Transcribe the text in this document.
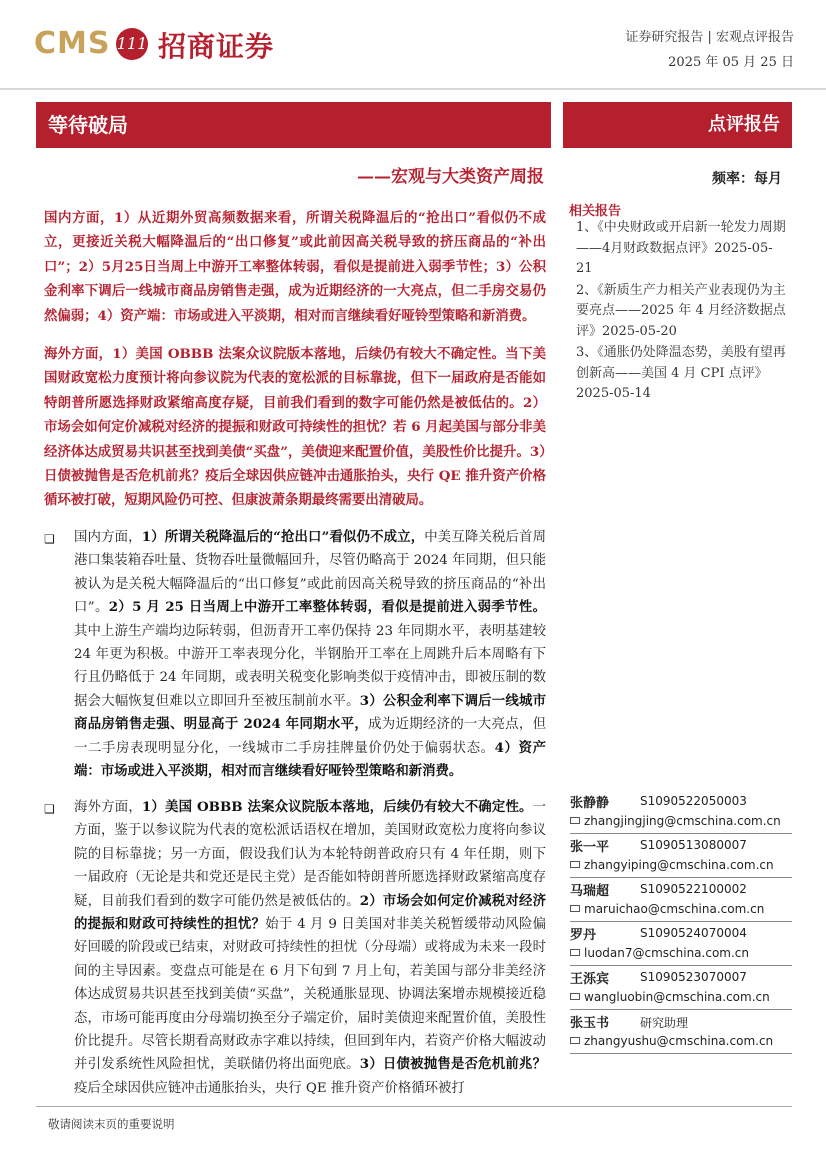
CMS 111 招商证券	证券研究报告 | 宏观点评报告
2025 年 05 月 25 日
等待破局	点评报告
——宏观与大类资产周报	频率：每月
国内方面，1）从近期外贸高频数据来看，所谓关税降温后的“抢出口”看似仍不成立，更接近关税大幅降温后的“出口修复”或此前因高关税导致的挤压商品的“补出口”；2）5月25日当周上中游开工率整体转弱，看似是提前进入弱季节性；3）公积金利率下调后一线城市商品房销售走强，成为近期经济的一大亮点，但二手房交易仍然偏弱；4）资产端：市场或进入平淡期，相对而言继续看好哑铃型策略和新消费。
海外方面，1）美国 OBBB 法案众议院版本落地，后续仍有较大不确定性。当下美国财政宽松力度预计将向参议院为代表的宽松派的目标靠拢，但下一届政府是否能如特朗普所愿选择财政紧缩高度存疑，目前我们看到的数字可能仍然是被低估的。2）市场会如何定价减税对经济的提振和财政可持续性的担忧？若 6 月起美国与部分非美经济体达成贸易共识甚至找到美债“买盘”，美债迎来配置价值，美股性价比提升。3）日债被抛售是否危机前兆？疫后全球因供应链冲击通胀抬头，央行 QE 推升资产价格循环被打破，短期风险仍可控、但康波萧条期最终需要出清破局。
相关报告
1、《中央财政或开启新一轮发力周期——4月财政数据点评》2025-05-21
2、《新质生产力相关产业表现仍为主要亮点——2025 年 4 月经济数据点评》2025-05-20
3、《通胀仍处降温态势，美股有望再创新高——美国 4 月 CPI 点评》2025-05-14
❑ 国内方面，1）所谓关税降温后的“抢出口”看似仍不成立，中美互降关税后首周港口集装箱吞吐量、货物吞吐量微幅回升，尽管仍略高于 2024 年同期，但只能被认为是关税大幅降温后的“出口修复”或此前因高关税导致的挤压商品的“补出口”。2）5 月 25 日当周上中游开工率整体转弱，看似是提前进入弱季节性。其中上游生产端均边际转弱，但沥青开工率仍保持 23 年同期水平，表明基建较 24 年更为积极。中游开工率表现分化，半钢胎开工率在上周跳升后本周略有下行且仍略低于 24 年同期，或表明关税变化影响类似于疫情冲击，即被压制的数据会大幅恢复但难以立即回升至被压制前水平。3）公积金利率下调后一线城市商品房销售走强、明显高于 2024 年同期水平，成为近期经济的一大亮点，但一二手房表现明显分化，一线城市二手房挂牌量价仍处于偏弱状态。4）资产端：市场或进入平淡期，相对而言继续看好哑铃型策略和新消费。
❑ 海外方面，1）美国 OBBB 法案众议院版本落地，后续仍有较大不确定性。一方面，鉴于以参议院为代表的宽松派话语权在增加，美国财政宽松力度将向参议院的目标靠拢；另一方面，假设我们认为本轮特朗普政府只有 4 年任期，则下一届政府（无论是共和党还是民主党）是否能如特朗普所愿选择财政紧缩高度存疑，目前我们看到的数字可能仍然是被低估的。2）市场会如何定价减税对经济的提振和财政可持续性的担忧？始于 4 月 9 日美国对非美关税暂缓带动风险偏好回暖的阶段或已结束，对财政可持续性的担忧（分母端）或将成为未来一段时间的主导因素。变盘点可能是在 6 月下旬到 7 月上旬，若美国与部分非美经济体达成贸易共识甚至找到美债“买盘”，关税通胀显现、协调法案增赤规模接近稳态，市场可能再度由分母端切换至分子端定价，届时美债迎来配置价值，美股性价比提升。尽管长期看高财政赤字难以持续，但回到年内，若资产价格大幅波动并引发系统性风险担忧，美联储仍将出面兜底。3）日债被抛售是否危机前兆？疫后全球因供应链冲击通胀抬头，央行 QE 推升资产价格循环被打
张静静	S1090522050003
zhangjingjing@cmschina.com.cn
张一平	S1090513080007
zhangyiping@cmschina.com.cn
马瑞超	S1090522100002
maruichao@cmschina.com.cn
罗丹	S1090524070004
luodan7@cmschina.com.cn
王泺宾	S1090523070007
wangluobin@cmschina.com.cn
张玉书	研究助理
zhangyushu@cmschina.com.cn
敬请阅读末页的重要说明
